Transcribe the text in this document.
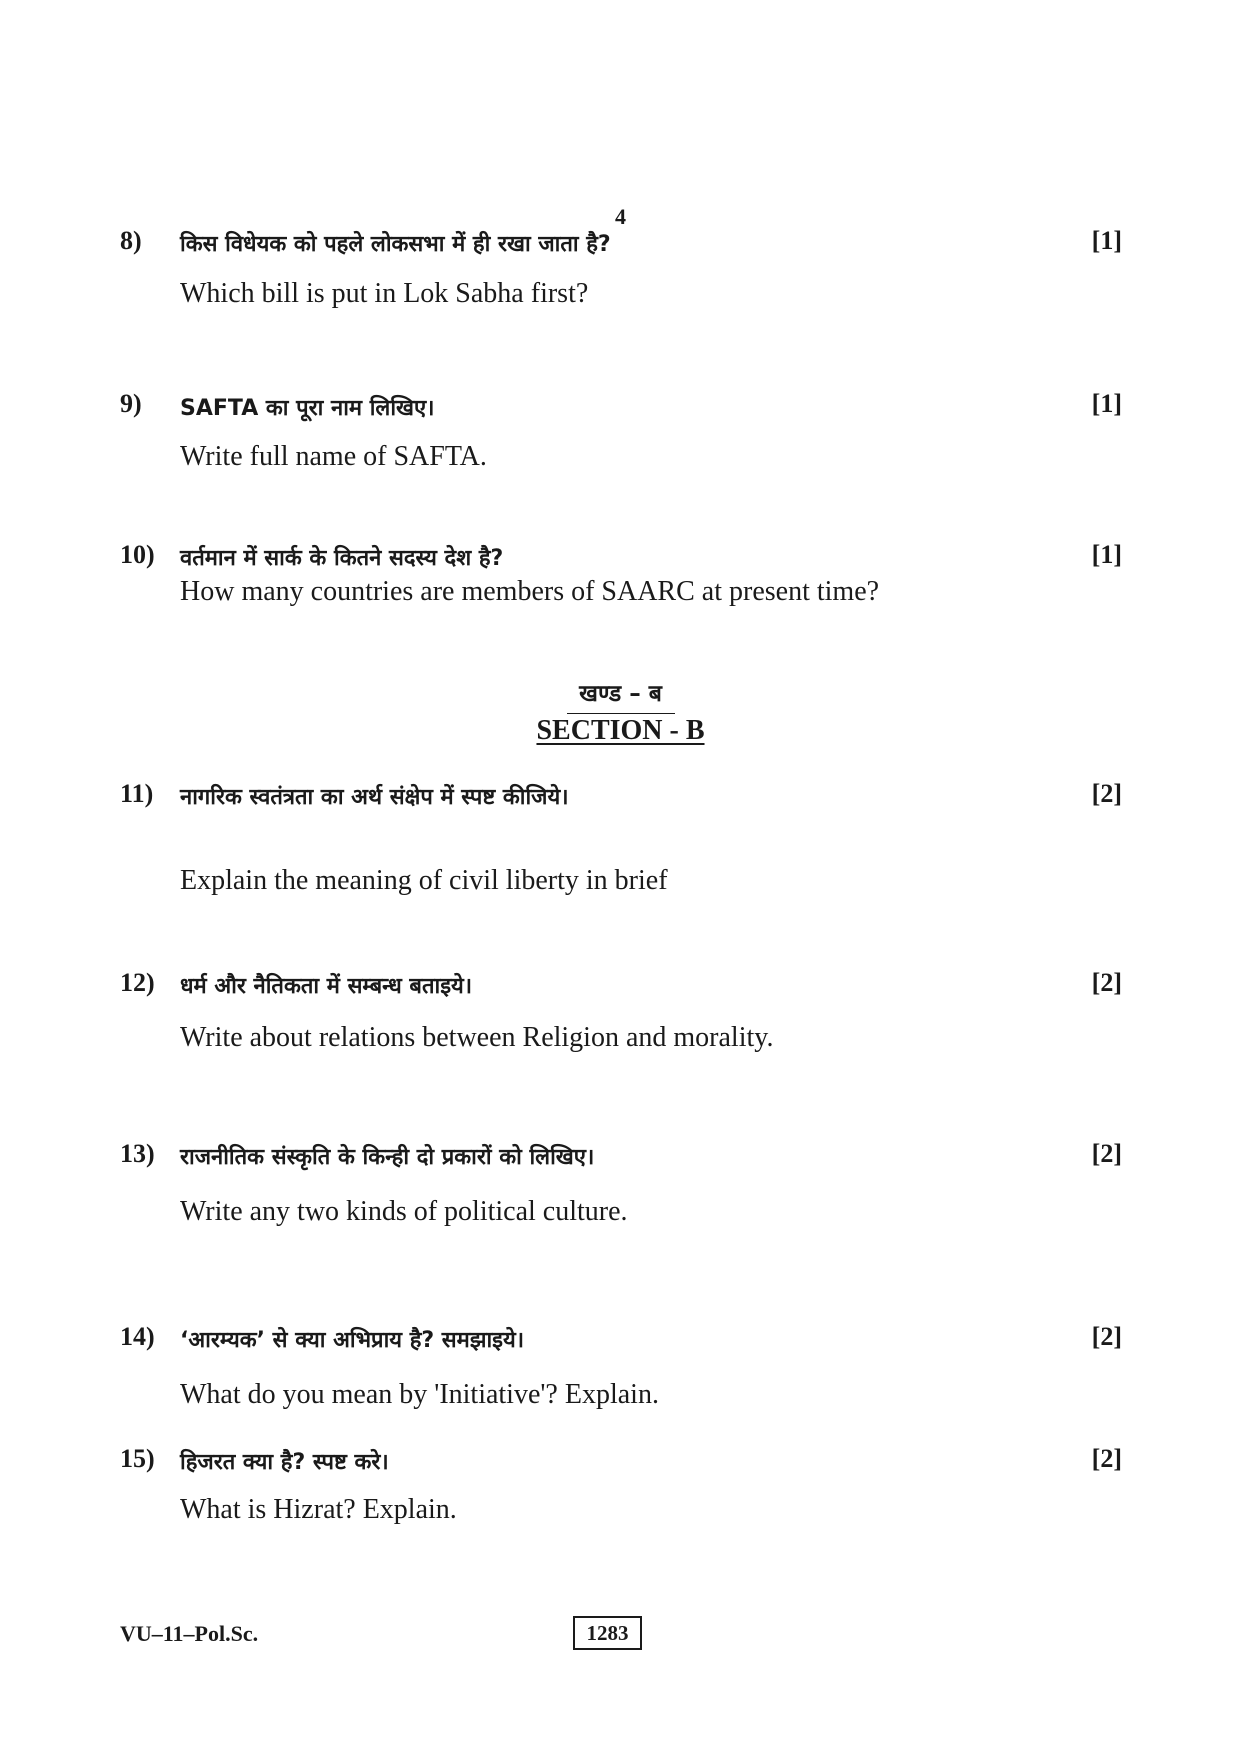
4
8)	किस विधेयक को पहले लोकसभा में ही रखा जाता है?	[1]
Which bill is put in Lok Sabha first?
9)	SAFTA का पूरा नाम लिखिए।	[1]
Write full name of SAFTA.
10)	वर्तमान में सार्क के कितने सदस्य देश है?	[1]
How many countries are members of SAARC at present time?
खण्ड – ब
SECTION - B
11)	नागरिक स्वतंत्रता का अर्थ संक्षेप में स्पष्ट कीजिये।	[2]
Explain the meaning of civil liberty in brief
12)	धर्म और नैतिकता में सम्बन्ध बताइये।	[2]
Write about relations between Religion and morality.
13)	राजनीतिक संस्कृति के किन्ही दो प्रकारों को लिखिए।	[2]
Write any two kinds of political culture.
14)	‘आरम्यक’ से क्या अभिप्राय है? समझाइये।	[2]
What do you mean by 'Initiative'? Explain.
15)	हिजरत क्या है? स्पष्ट करे।	[2]
What is Hizrat? Explain.
VU–11–Pol.Sc.	1283
